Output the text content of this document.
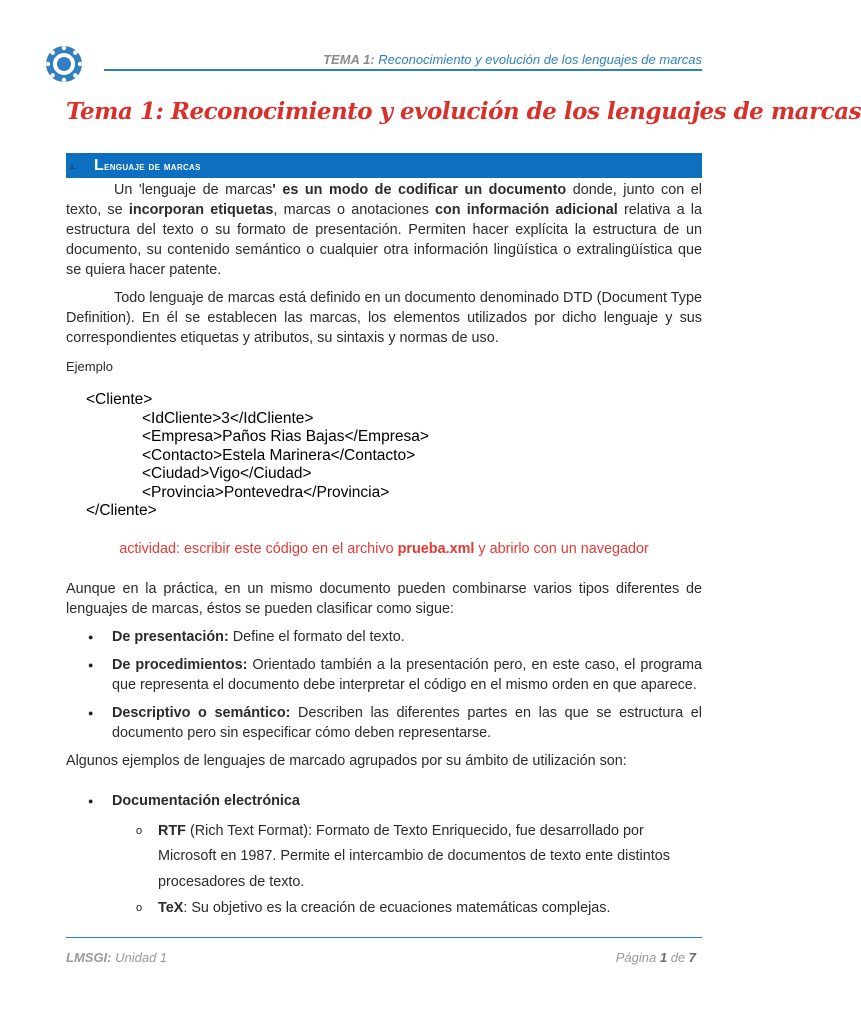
TEMA 1: Reconocimiento y evolución de los lenguajes de marcas
Tema 1: Reconocimiento y evolución de los lenguajes de marcas
1. Lenguaje de marcas

Un 'lenguaje de marcas' es un modo de codificar un documento donde, junto con el texto, se incorporan etiquetas, marcas o anotaciones con información adicional relativa a la estructura del texto o su formato de presentación. Permiten hacer explícita la estructura de un documento, su contenido semántico o cualquier otra información lingüística o extralingüística que se quiera hacer patente.

Todo lenguaje de marcas está definido en un documento denominado DTD (Document Type Definition). En él se establecen las marcas, los elementos utilizados por dicho lenguaje y sus correspondientes etiquetas y atributos, su sintaxis y normas de uso.

Ejemplo

<Cliente>
<IdCliente>3</IdCliente>
<Empresa>Paños Rias Bajas</Empresa>
<Contacto>Estela Marinera</Contacto>
<Ciudad>Vigo</Ciudad>
<Provincia>Pontevedra</Provincia>
</Cliente>

actividad: escribir este código en el archivo prueba.xml y abrirlo con un navegador

Aunque en la práctica, en un mismo documento pueden combinarse varios tipos diferentes de lenguajes de marcas, éstos se pueden clasificar como sigue:

● De presentación: Define el formato del texto.
● De procedimientos: Orientado también a la presentación pero, en este caso, el programa que representa el documento debe interpretar el código en el mismo orden en que aparece.
● Descriptivo o semántico: Describen las diferentes partes en las que se estructura el documento pero sin especificar cómo deben representarse.

Algunos ejemplos de lenguajes de marcado agrupados por su ámbito de utilización son:

● Documentación electrónica
o RTF (Rich Text Format): Formato de Texto Enriquecido, fue desarrollado por Microsoft en 1987. Permite el intercambio de documentos de texto ente distintos procesadores de texto.
o TeX: Su objetivo es la creación de ecuaciones matemáticas complejas.
LMSGI: Unidad 1	Página 1 de 7
